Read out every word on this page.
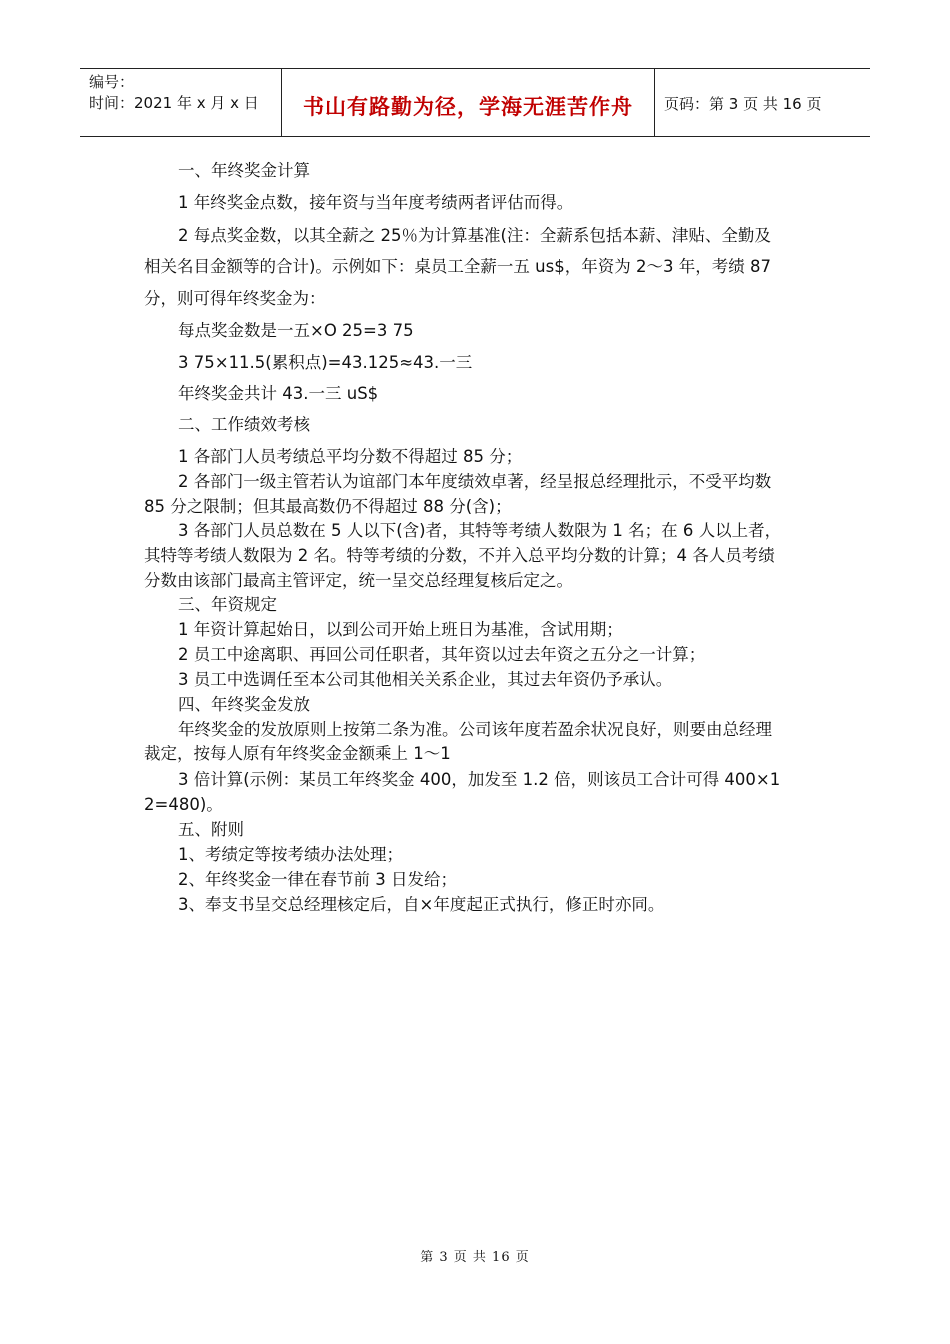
编号：
时间：2021 年 x 月 x 日	书山有路勤为径，学海无涯苦作舟	页码：第 3 页 共 16 页
一、年终奖金计算
1 年终奖金点数，接年资与当年度考绩两者评估而得。
2 每点奖金数，以其全薪之 25％为计算基准(注：全薪系包括本薪、津贴、全勤及
相关名目金额等的合计)。示例如下：桌员工全薪一五 us$，年资为 2～3 年，考绩 87
分，则可得年终奖金为：
每点奖金数是一五×O 25=3 75
3 75×11.5(累积点)=43.125≈43.一三
年终奖金共计 43.一三 uS$
二、工作绩效考核
1 各部门人员考绩总平均分数不得超过 85 分；
2 各部门一级主管若认为谊部门本年度绩效卓著，经呈报总经理批示，不受平均数
85 分之限制；但其最高数仍不得超过 88 分(含)；
3 各部门人员总数在 5 人以下(含)者，其特等考绩人数限为 1 名；在 6 人以上者，
其特等考绩人数限为 2 名。特等考绩的分数，不并入总平均分数的计算；4 各人员考绩
分数由该部门最高主管评定，统一呈交总经理复核后定之。
三、年资规定
1 年资计算起始日，以到公司开始上班日为基准，含试用期；
2 员工中途离职、再回公司任职者，其年资以过去年资之五分之一计算；
3 员工中选调任至本公司其他相关关系企业，其过去年资仍予承认。
四、年终奖金发放
年终奖金的发放原则上按第二条为准。公司该年度若盈余状况良好，则要由总经理
裁定，按每人原有年终奖金金额乘上 1～1
3 倍计算(示例：某员工年终奖金 400，加发至 1.2 倍，则该员工合计可得 400×1
2=480)。
五、附则
1、考绩定等按考绩办法处理；
2、年终奖金一律在春节前 3 日发给；
3、奉支书呈交总经理核定后，自×年度起正式执行，修正时亦同。
第 3 页 共 16 页
